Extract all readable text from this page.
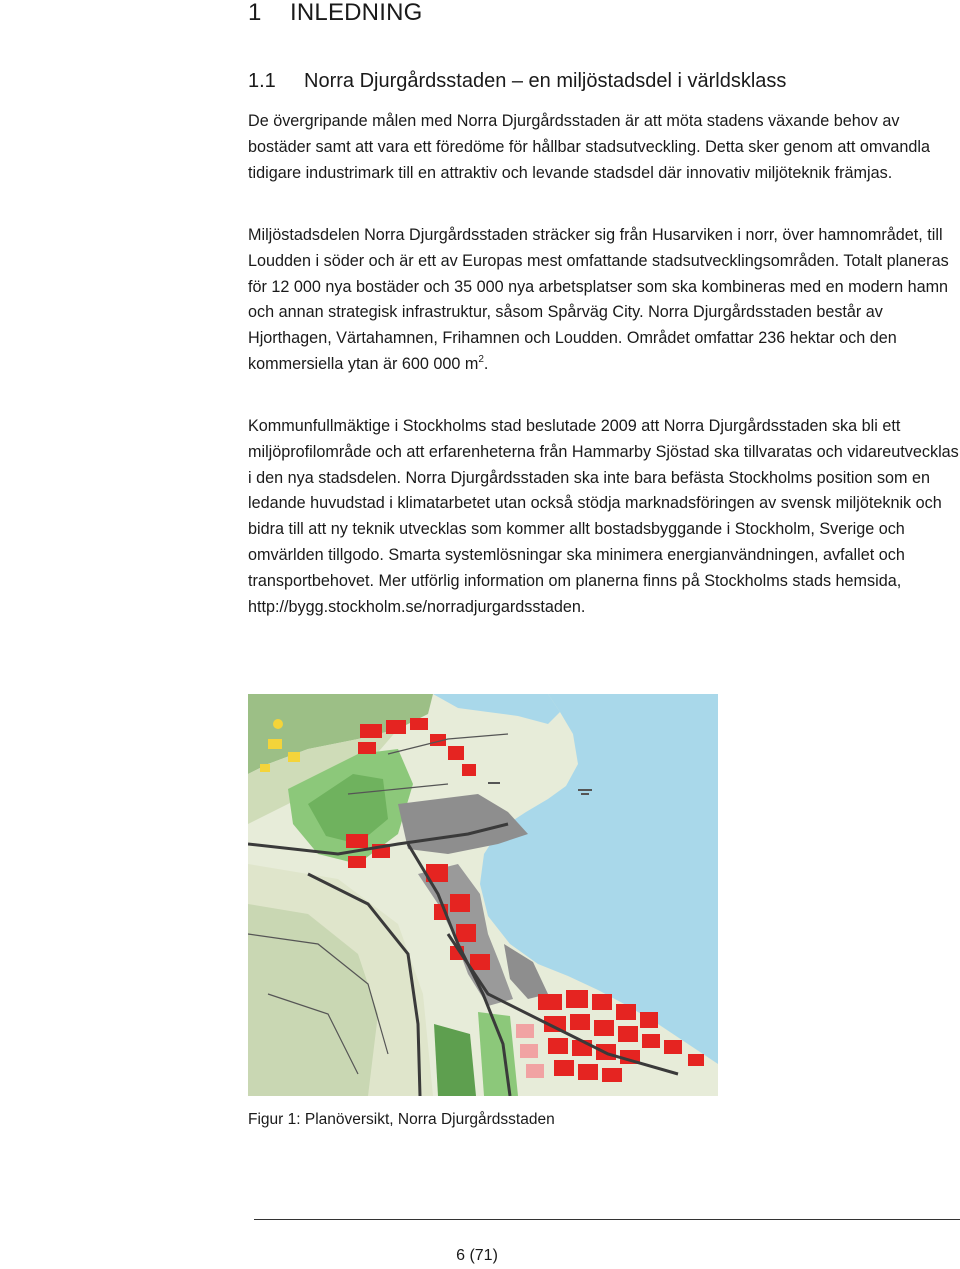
1 INLEDNING
1.1 Norra Djurgårdsstaden – en miljöstadsdel i världsklass

De övergripande målen med Norra Djurgårdsstaden är att möta stadens växande behov av bostäder samt att vara ett föredöme för hållbar stadsutveckling. Detta sker genom att omvandla tidigare industrimark till en attraktiv och levande stadsdel där innovativ miljöteknik främjas.

Miljöstadsdelen Norra Djurgårdsstaden sträcker sig från Husarviken i norr, över hamnområdet, till Loudden i söder och är ett av Europas mest omfattande stadsutvecklingsområden. Totalt planeras för 12 000 nya bostäder och 35 000 nya arbetsplatser som ska kombineras med en modern hamn och annan strategisk infrastruktur, såsom Spårväg City. Norra Djurgårdsstaden består av Hjorthagen, Värtahamnen, Frihamnen och Loudden. Området omfattar 236 hektar och den kommersiella ytan är 600 000 $m^2$.

Kommunfullmäktige i Stockholms stad beslutade 2009 att Norra Djurgårdsstaden ska bli ett miljöprofilområde och att erfarenheterna från Hammarby Sjöstad ska tillvaratas och vidareutvecklas i den nya stadsdelen. Norra Djurgårdsstaden ska inte bara befästa Stockholms position som en ledande huvudstad i klimatarbetet utan också stödja marknadsföringen av svensk miljöteknik och bidra till att ny teknik utvecklas som kommer allt bostadsbyggande i Stockholm, Sverige och omvärlden tillgodo. Smarta systemlösningar ska minimera energianvändningen, avfallet och transportbehovet. Mer utförlig information om planerna finns på Stockholms stads hemsida, http://bygg.stockholm.se/norradjurgardsstaden.

Figur 1: Planöversikt, Norra Djurgårdsstaden
6 (71)
